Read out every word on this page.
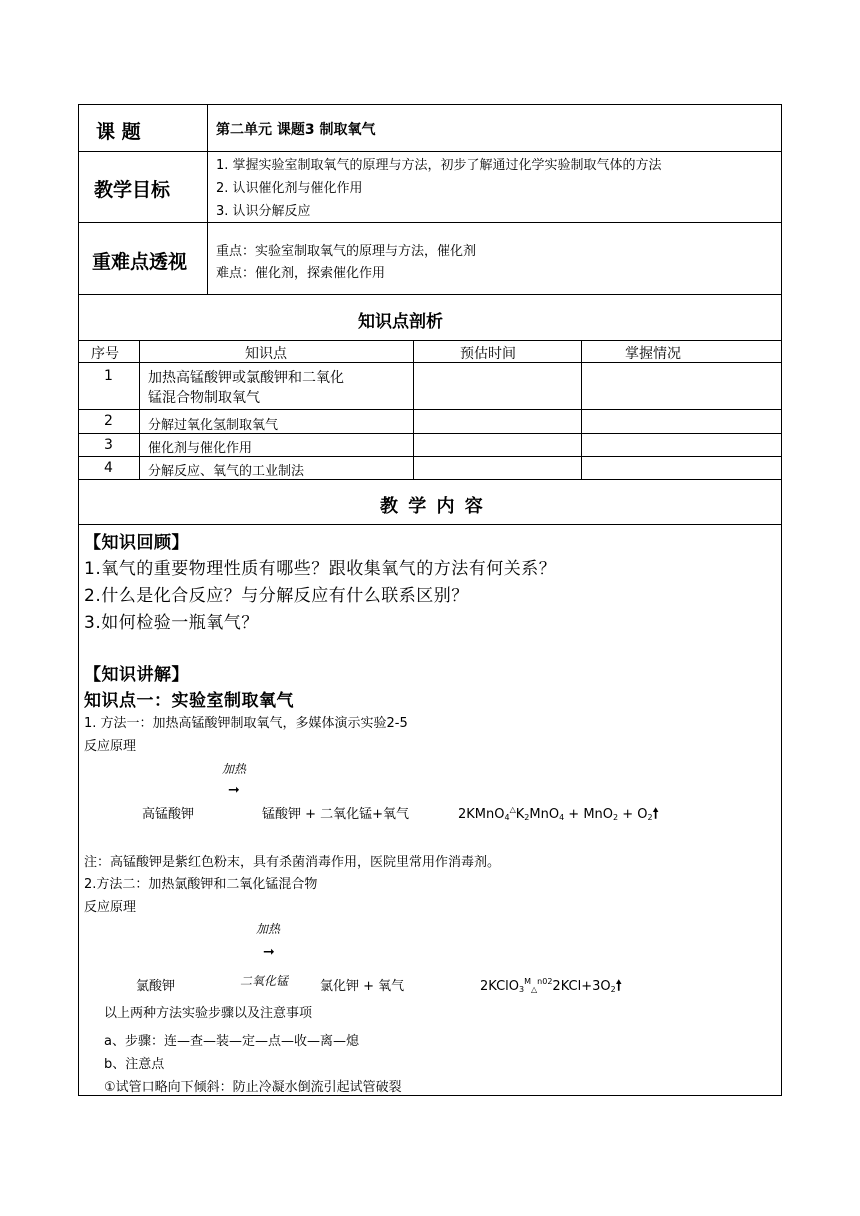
课 题	第二单元 课题3 制取氧气
教学目标
1. 掌握实验室制取氧气的原理与方法，初步了解通过化学实验制取气体的方法
2. 认识催化剂与催化作用
3. 认识分解反应
重难点透视 重点：实验室制取氧气的原理与方法，催化剂
难点：催化剂，探索催化作用
知识点剖析
序号	知识点	预估时间	掌握情况
1	加热高锰酸钾或氯酸钾和二氧化
锰混合物制取氧气
2	分解过氧化氢制取氧气
3	催化剂与催化作用
4	分解反应、氧气的工业制法
教 学 内 容
【知识回顾】
1.氧气的重要物理性质有哪些？跟收集氧气的方法有何关系？
2.什么是化合反应？与分解反应有什么联系区别？
3.如何检验一瓶氧气？
【知识讲解】
知识点一：实验室制取氧气
1. 方法一：加热高锰酸钾制取氧气，多媒体演示实验2-5
反应原理
加热
➞
高锰酸钾	锰酸钾 + 二氧化锰+氧气	$2KMnO_4^\triangle K_2MnO_4 + MnO_2$ + $O_2🠕$
注：高锰酸钾是紫红色粉末，具有杀菌消毒作用，医院里常用作消毒剂。
2.方法二：加热氯酸钾和二氧化锰混合物
反应原理
加热
➞
二氧化锰
氯酸钾	氯化钾 + 氧气	$2KClO_3^M_\triangle^{n02}2KCl+3O_2🠕$
以上两种方法实验步骤以及注意事项
a、步骤：连—查—装—定—点—收—离—熄
b、注意点
①试管口略向下倾斜：防止冷凝水倒流引起试管破裂
